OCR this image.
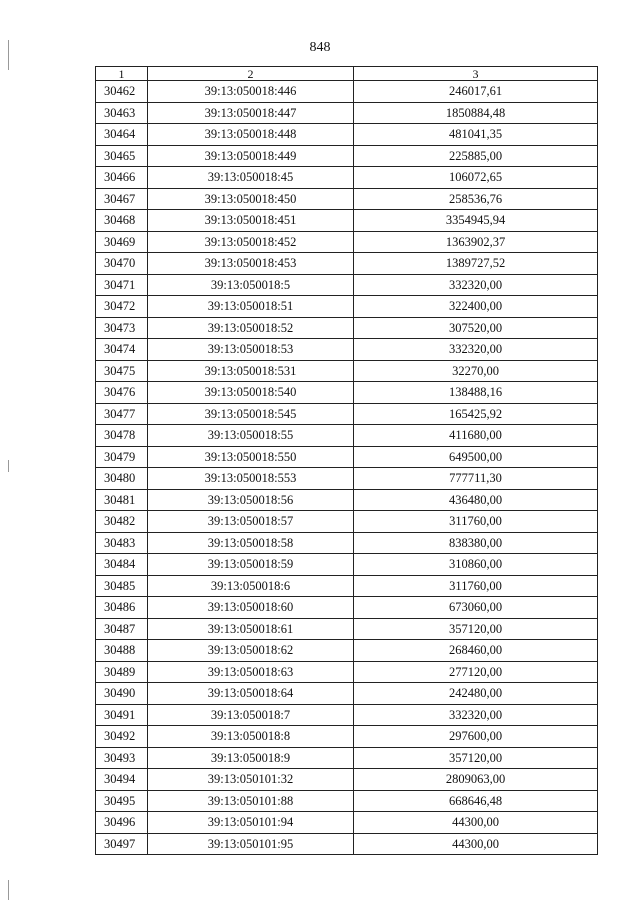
848
1	2	3
30462	39:13:050018:446	246017,61
30463	39:13:050018:447	1850884,48
30464	39:13:050018:448	481041,35
30465	39:13:050018:449	225885,00
30466	39:13:050018:45	106072,65
30467	39:13:050018:450	258536,76
30468	39:13:050018:451	3354945,94
30469	39:13:050018:452	1363902,37
30470	39:13:050018:453	1389727,52
30471	39:13:050018:5	332320,00
30472	39:13:050018:51	322400,00
30473	39:13:050018:52	307520,00
30474	39:13:050018:53	332320,00
30475	39:13:050018:531	32270,00
30476	39:13:050018:540	138488,16
30477	39:13:050018:545	165425,92
30478	39:13:050018:55	411680,00
30479	39:13:050018:550	649500,00
30480	39:13:050018:553	777711,30
30481	39:13:050018:56	436480,00
30482	39:13:050018:57	311760,00
30483	39:13:050018:58	838380,00
30484	39:13:050018:59	310860,00
30485	39:13:050018:6	311760,00
30486	39:13:050018:60	673060,00
30487	39:13:050018:61	357120,00
30488	39:13:050018:62	268460,00
30489	39:13:050018:63	277120,00
30490	39:13:050018:64	242480,00
30491	39:13:050018:7	332320,00
30492	39:13:050018:8	297600,00
30493	39:13:050018:9	357120,00
30494	39:13:050101:32	2809063,00
30495	39:13:050101:88	668646,48
30496	39:13:050101:94	44300,00
30497	39:13:050101:95	44300,00
